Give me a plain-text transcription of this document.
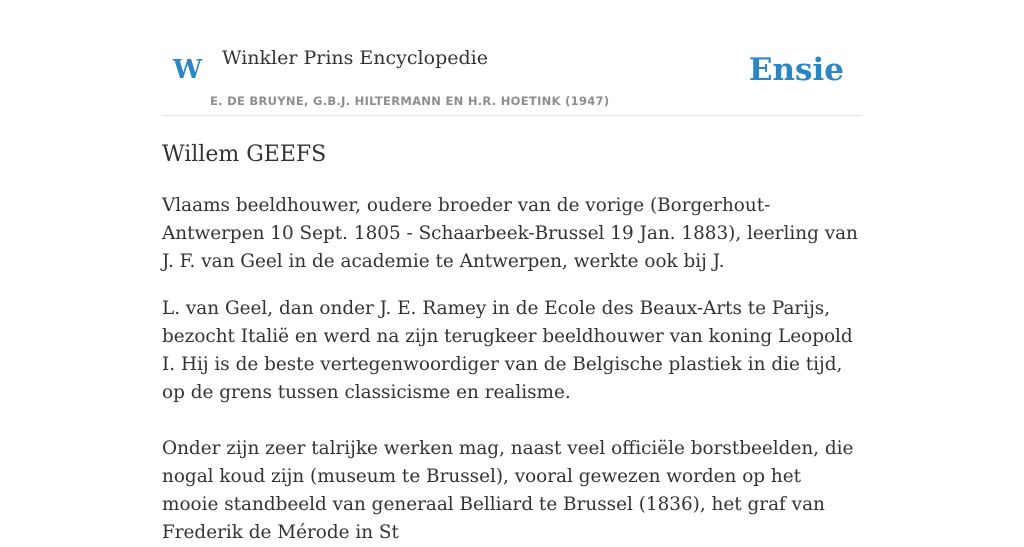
W Winkler Prins Encyclopedie
E. DE BRUYNE, G.B.J. HILTERMANN EN H.R. HOETINK (1947)
Ensie
Willem GEEFS

Vlaams beeldhouwer, oudere broeder van de vorige (Borgerhout-Antwerpen 10 Sept. 1805 - Schaarbeek-Brussel 19 Jan. 1883), leerling van J. F. van Geel in de academie te Antwerpen, werkte ook bij J.

L. van Geel, dan onder J. E. Ramey in de Ecole des Beaux-Arts te Parijs, bezocht Italië en werd na zijn terugkeer beeldhouwer van koning Leopold I. Hij is de beste vertegenwoordiger van de Belgische plastiek in die tijd, op de grens tussen classicisme en realisme.

Onder zijn zeer talrijke werken mag, naast veel officiële borstbeelden, die nogal koud zijn (museum te Brussel), vooral gewezen worden op het mooie standbeeld van generaal Belliard te Brussel (1836), het graf van Frederik de Mérode in St
